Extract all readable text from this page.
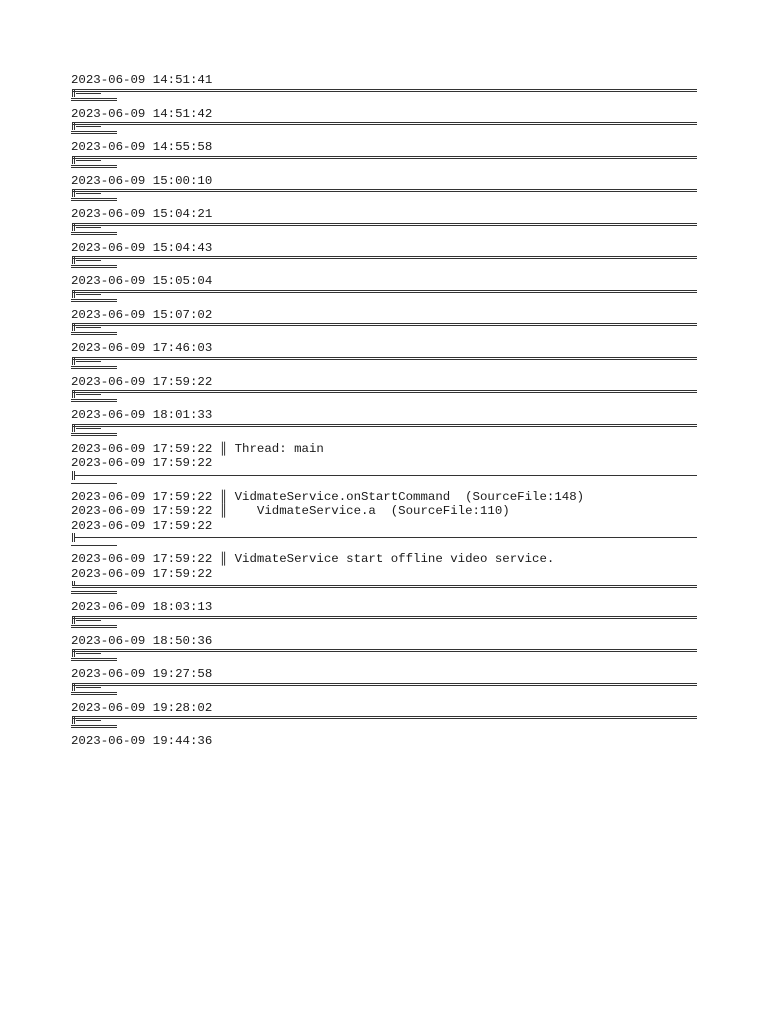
2023-06-09 14:51:41
2023-06-09 14:51:42
2023-06-09 14:55:58
2023-06-09 15:00:10
2023-06-09 15:04:21
2023-06-09 15:04:43
2023-06-09 15:05:04
2023-06-09 15:07:02
2023-06-09 17:46:03
2023-06-09 17:59:22
2023-06-09 18:01:33
2023-06-09 17:59:22 ║ Thread: main
2023-06-09 17:59:22
2023-06-09 17:59:22 ║ VidmateService.onStartCommand  (SourceFile:148)
2023-06-09 17:59:22 ║    VidmateService.a  (SourceFile:110)
2023-06-09 17:59:22
2023-06-09 17:59:22 ║ VidmateService start offline video service.
2023-06-09 17:59:22
2023-06-09 18:03:13
2023-06-09 18:50:36
2023-06-09 19:27:58
2023-06-09 19:28:02
2023-06-09 19:44:36
